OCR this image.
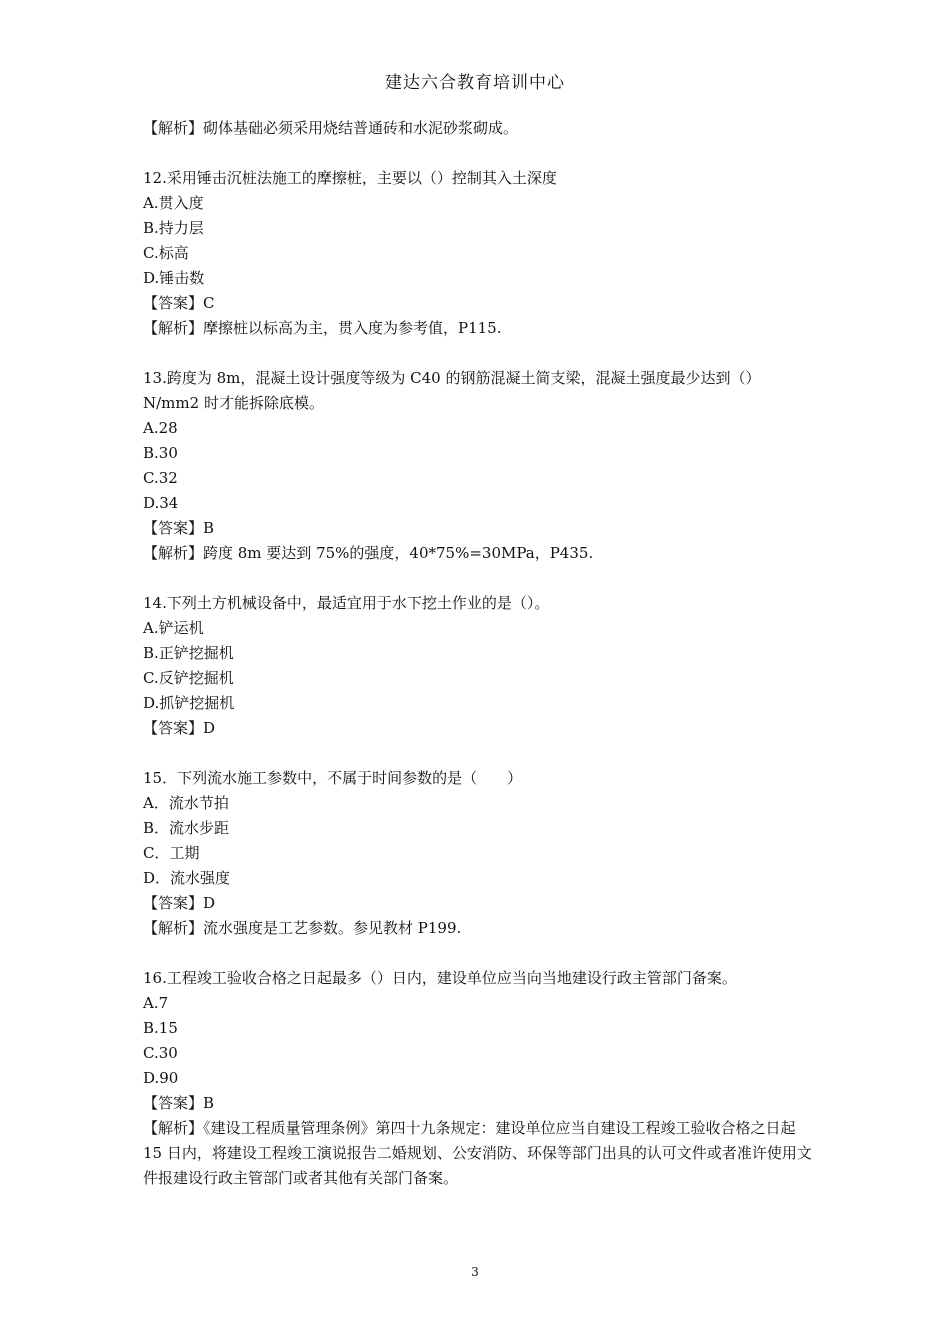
建达六合教育培训中心
【解析】砌体基础必须采用烧结普通砖和水泥砂浆砌成。
12.采用锤击沉桩法施工的摩擦桩，主要以（）控制其入土深度
A.贯入度
B.持力层
C.标高
D.锤击数
【答案】C
【解析】摩擦桩以标高为主，贯入度为参考值，P115.
13.跨度为 8m，混凝土设计强度等级为 C40 的钢筋混凝土简支梁，混凝土强度最少达到（）
N/mm2 时才能拆除底模。
A.28
B.30
C.32
D.34
【答案】B
【解析】跨度 8m 要达到 75%的强度，40*75%=30MPa，P435.
14.下列土方机械设备中，最适宜用于水下挖土作业的是（）。
A.铲运机
B.正铲挖掘机
C.反铲挖掘机
D.抓铲挖掘机
【答案】D
15．下列流水施工参数中，不属于时间参数的是（　　）
A．流水节拍
B．流水步距
C．工期
D．流水强度
【答案】D
【解析】流水强度是工艺参数。参见教材 P199.
16.工程竣工验收合格之日起最多（）日内，建设单位应当向当地建设行政主管部门备案。
A.7
B.15
C.30
D.90
【答案】B
【解析】《建设工程质量管理条例》第四十九条规定：建设单位应当自建设工程竣工验收合格之日起 15 日内，将建设工程竣工演说报告二婚规划、公安消防、环保等部门出具的认可文件或者准许使用文件报建设行政主管部门或者其他有关部门备案。
3
